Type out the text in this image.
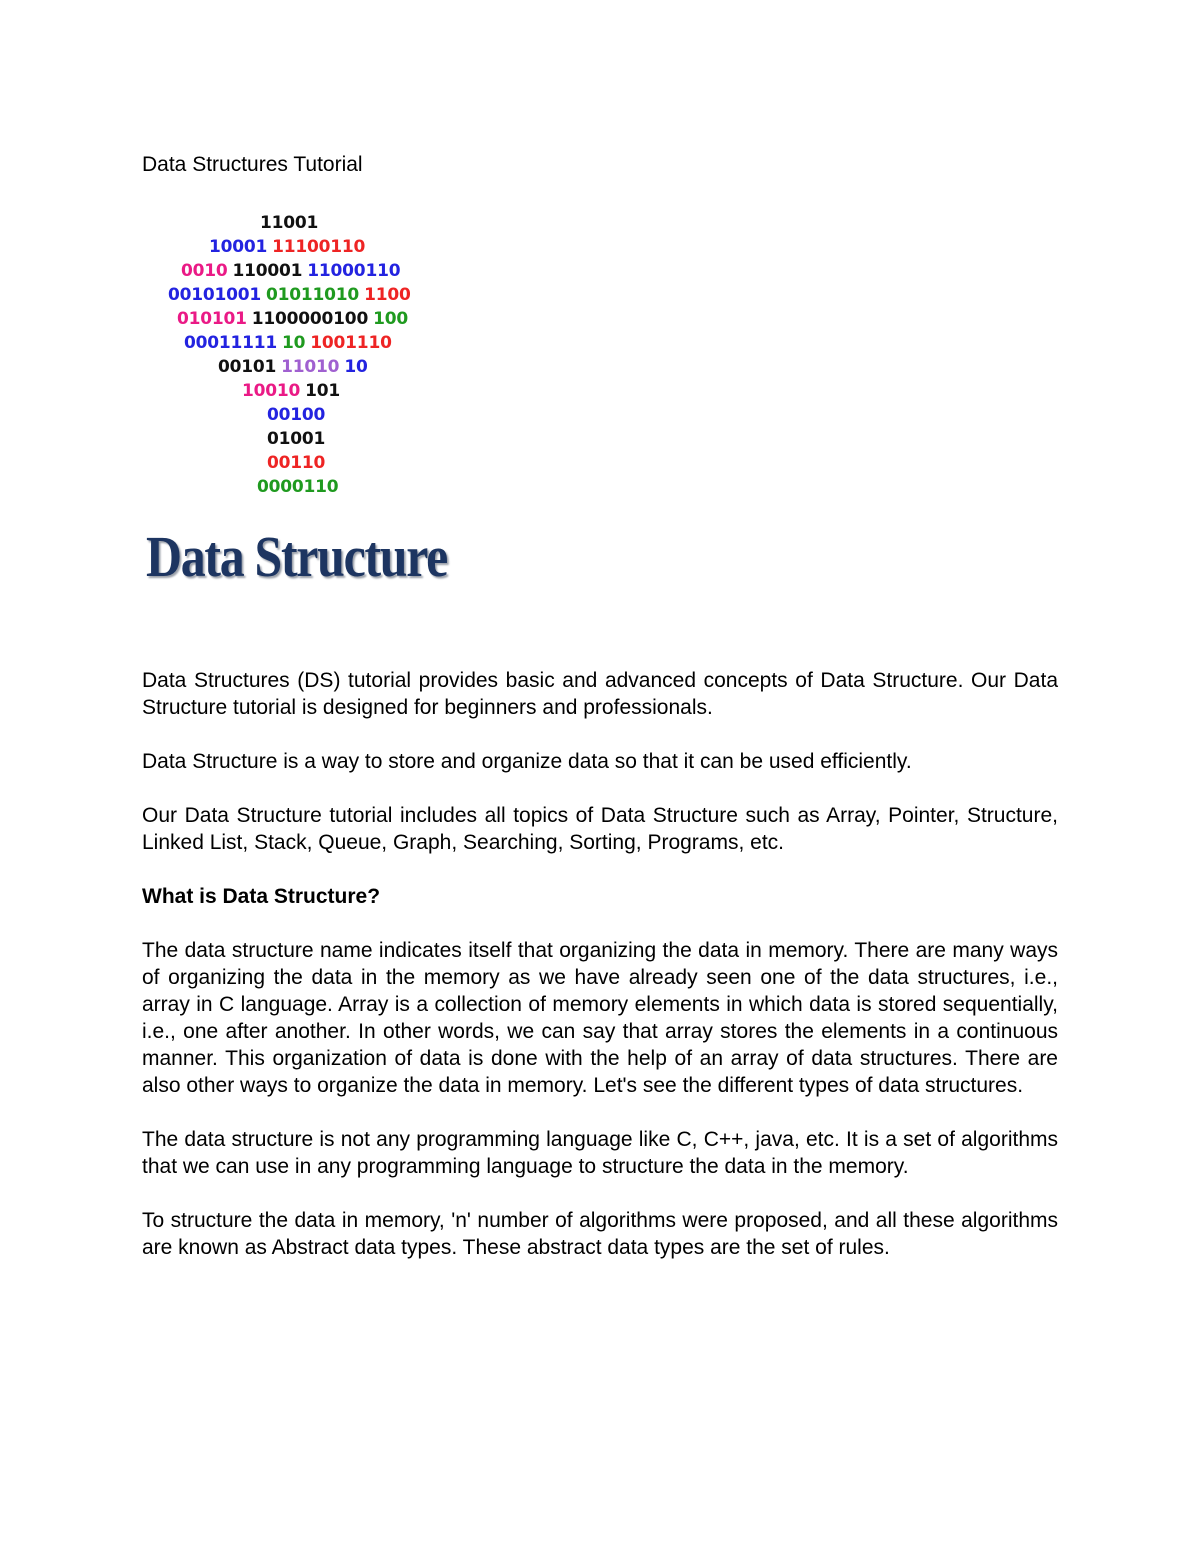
Data Structures Tutorial
11001
10001 11100110
0010 110001 11000110
00101001 01011010 1100
010101 1100000100 100
00011111 10 1001110
00101 11010 10
10010 101
00100
01001
00110
0000110
Data Structure

Data Structures (DS) tutorial provides basic and advanced concepts of Data Structure. Our Data Structure tutorial is designed for beginners and professionals.

Data Structure is a way to store and organize data so that it can be used efficiently.

Our Data Structure tutorial includes all topics of Data Structure such as Array, Pointer, Structure, Linked List, Stack, Queue, Graph, Searching, Sorting, Programs, etc.

What is Data Structure?

The data structure name indicates itself that organizing the data in memory. There are many ways of organizing the data in the memory as we have already seen one of the data structures, i.e., array in C language. Array is a collection of memory elements in which data is stored sequentially, i.e., one after another. In other words, we can say that array stores the elements in a continuous manner. This organization of data is done with the help of an array of data structures. There are also other ways to organize the data in memory. Let's see the different types of data structures.

The data structure is not any programming language like C, C++, java, etc. It is a set of algorithms that we can use in any programming language to structure the data in the memory.

To structure the data in memory, 'n' number of algorithms were proposed, and all these algorithms are known as Abstract data types. These abstract data types are the set of rules.
